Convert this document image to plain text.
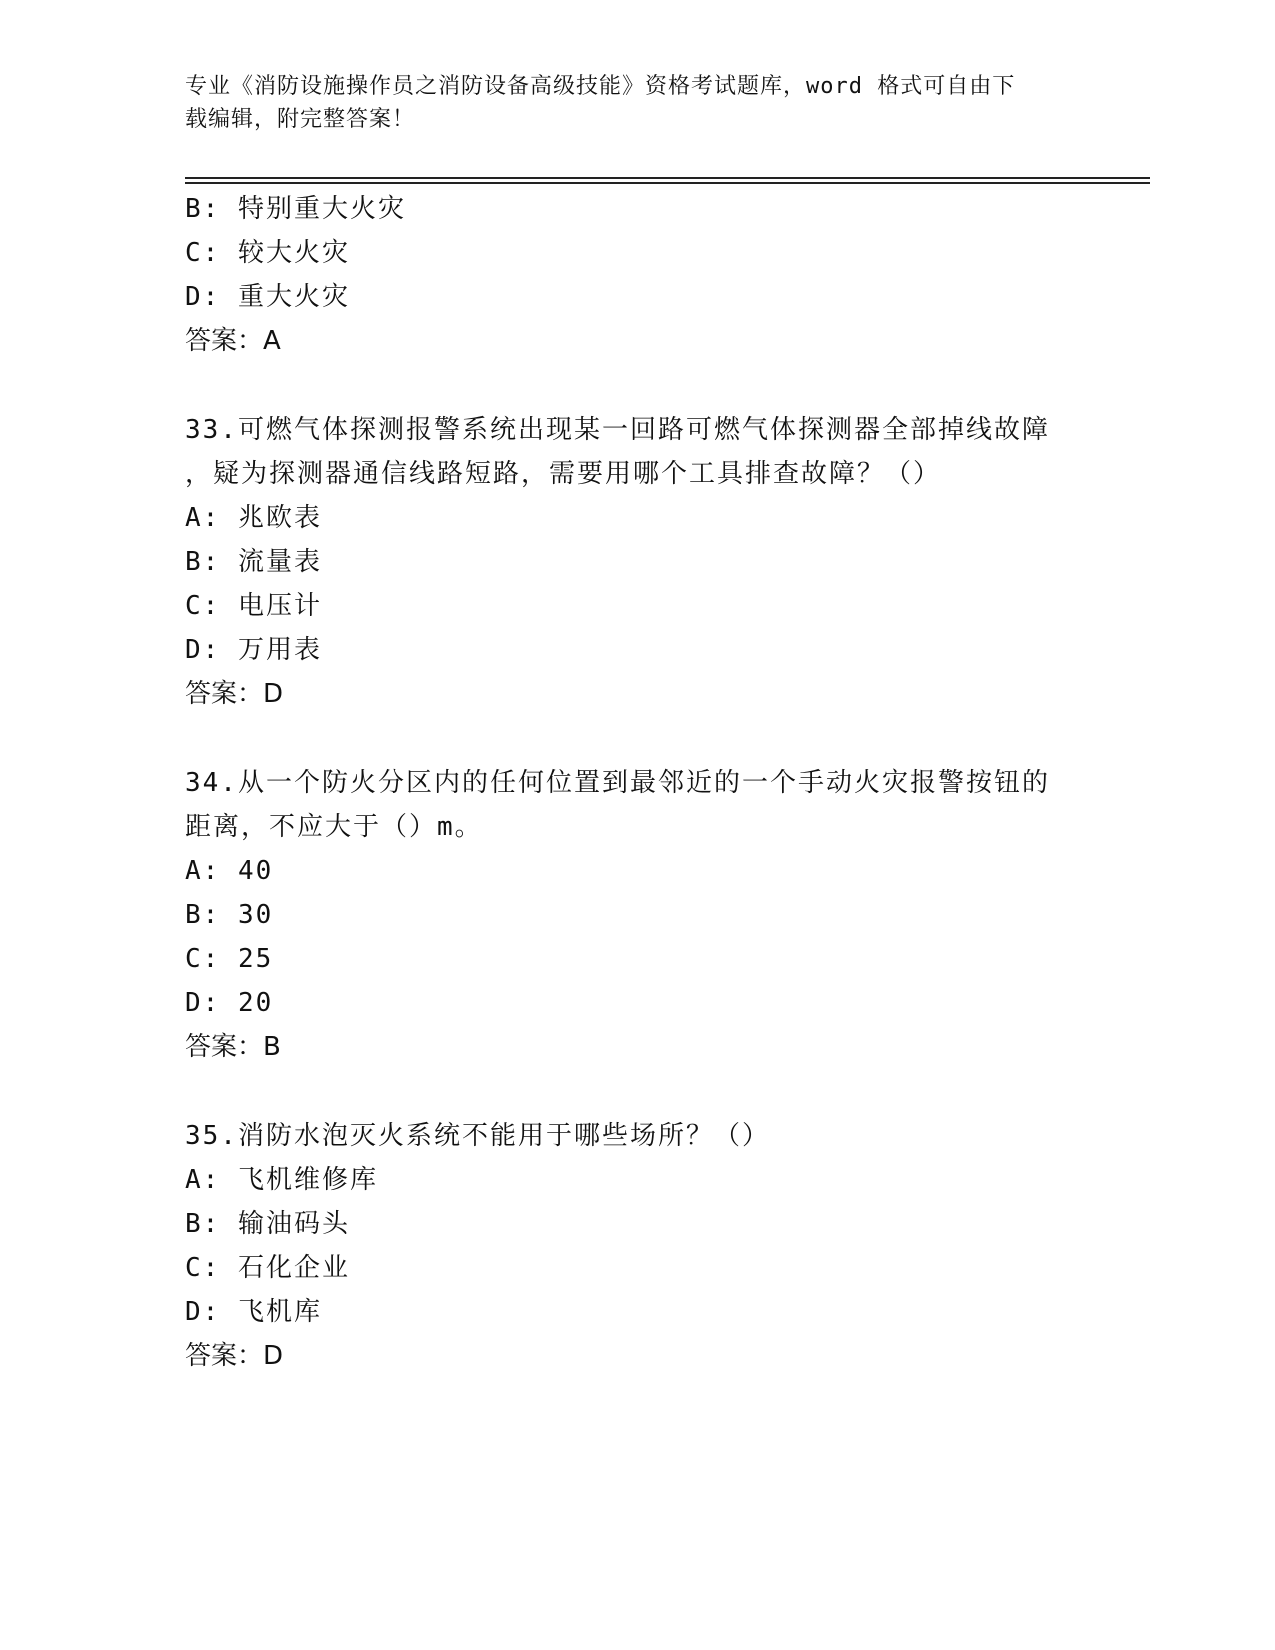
专业《消防设施操作员之消防设备高级技能》资格考试题库，word 格式可自由下
载编辑，附完整答案！
B: 特别重大火灾
C: 较大火灾
D: 重大火灾
答案：A
33.可燃气体探测报警系统出现某一回路可燃气体探测器全部掉线故障
，疑为探测器通信线路短路，需要用哪个工具排查故障？（）
A: 兆欧表
B: 流量表
C: 电压计
D: 万用表
答案：D
34.从一个防火分区内的任何位置到最邻近的一个手动火灾报警按钮的
距离，不应大于（）m。
A: 40
B: 30
C: 25
D: 20
答案：B
35.消防水泡灭火系统不能用于哪些场所？（）
A: 飞机维修库
B: 输油码头
C: 石化企业
D: 飞机库
答案：D
